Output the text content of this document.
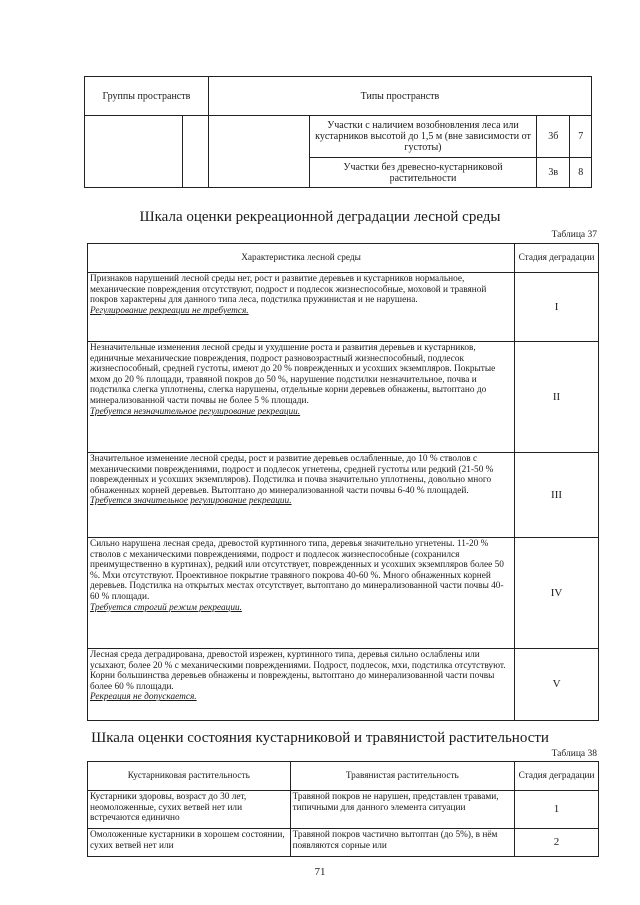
Группы пространств		Типы пространств			
			Участки с наличием возобновления леса или кустарников высотой до 1,5 м (вне зависимости от густоты)	3б	7
			Участки без древесно-кустарниковой растительности	3в	8
Шкала оценки рекреационной деградации лесной среды
Таблица 37
Характеристика лесной среды	Стадия деградации
Признаков нарушений лесной среды нет, рост и развитие деревьев и кустарников нормальное, механические повреждения отсутствуют, подрост и подлесок жизнеспособные, моховой и травяной покров характерны для данного типа леса, подстилка пружинистая и не нарушена.
Регулирование рекреации не требуется.	I
Незначительные изменения лесной среды и ухудшение роста и развития деревьев и кустарников, единичные механические повреждения, подрост разновозрастный жизнеспособный, подлесок жизнеспособный, средней густоты, имеют до 20 % поврежденных и усохших экземпляров. Покрытые мхом до 20 % площади, травяной покров до 50 %, нарушение подстилки незначительное, почва и подстилка слегка уплотнены, слегка нарушены, отдельные корни деревьев обнажены, вытоптано до минерализованной части почвы не более 5 % площади.
Требуется незначительное регулирование рекреации.	II
Значительное изменение лесной среды, рост и развитие деревьев ослабленные, до 10 % стволов с механическими повреждениями, подрост и подлесок угнетены, средней густоты или редкий (21-50 % поврежденных и усохших экземпляров). Подстилка и почва значительно уплотнены, довольно много обнаженных корней деревьев. Вытоптано до минерализованной части почвы 6-40 % площадей.
Требуется значительное регулирование рекреации.	III
Сильно нарушена лесная среда, древостой куртинного типа, деревья значительно угнетены. 11-20 % стволов с механическими повреждениями, подрост и подлесок жизнеспособные (сохранился преимущественно в куртинах), редкий или отсутствует, поврежденных и усохших экземпляров более 50 %. Мхи отсутствуют. Проективное покрытие травяного покрова 40-60 %. Много обнаженных корней деревьев. Подстилка на открытых местах отсутствует, вытоптано до минерализованной части почвы 40-60 % площади.
Требуется строгий режим рекреации.	IV
Лесная среда деградирована, древостой изрежен, куртинного типа, деревья сильно ослаблены или усыхают, более 20 % с механическими повреждениями. Подрост, подлесок, мхи, подстилка отсутствуют. Корни большинства деревьев обнажены и повреждены, вытоптано до минерализованной части почвы более 60 % площади.
Рекреация не допускается.	V
Шкала оценки состояния кустарниковой и травянистой растительности
Таблица 38
Кустарниковая растительность	Травянистая растительность	Стадия деградации
Кустарники здоровы, возраст до 30 лет, неомоложенные, сухих ветвей нет или встречаются единично	Травяной покров не нарушен, представлен травами, типичными для данного элемента ситуации	1
Омоложенные кустарники в хорошем состоянии, сухих ветвей нет или	Травяной покров частично вытоптан (до 5%), в нём появляются сорные или	2
71
